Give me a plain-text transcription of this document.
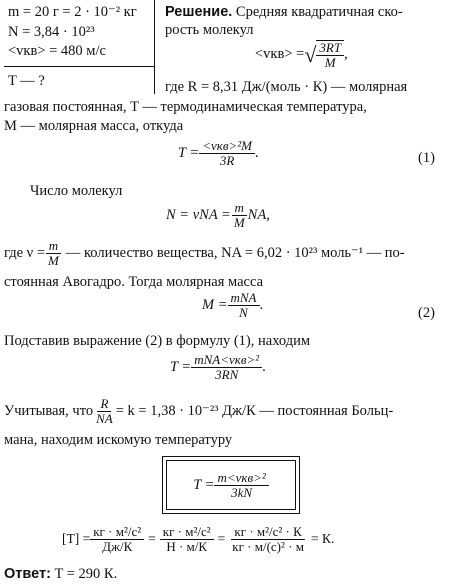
m = 20 г = 2 · 10⁻² кг
N = 3,84 · 10²³
<vкв> = 480 м/с
T — ?
Решение. Средняя квадратичная ско-
рость молекул
<vкв> = √ $\frac{3RT}{M}$ ,
где R = 8,31 Дж/(моль · К) — молярная
газовая постоянная, T — термодинамическая температура,
M — молярная масса, откуда
$T = \frac{\text{<vкв>²M}}{3R}$ .	(1)
Число молекул
$N = \nu NA = \frac{m}{M}$ NA,
где $\nu = \frac{m}{M}$ — количество вещества, NA = 6,02 · 10²³ моль⁻¹ — по-
стоянная Авогадро. Тогда молярная масса
$M = \frac{\text{mNA}}{N}$ .
(2)
Подставив выражение (2) в формулу (1), находим
$T = \frac{\text{mNA<vкв>²}}{3RN}$ .
Учитывая, что $\frac{R}{NA} = k = 1,38 \cdot 10^{-23}$ Дж/К — постоянная Больц-
мана, находим искомую температуру
$T = \frac{\text{m<vкв>²}}{3kN}$
$[T] = \frac{\text{кг · м²/с²}}{Дж/К} = \frac{\text{кг · м²/с²}}{Н \cdot м/К} = \frac{\text{кг · м²/с² · К}}{\text{кг · м/(с)² · м}} = К$.
Ответ: T = 290 К.
